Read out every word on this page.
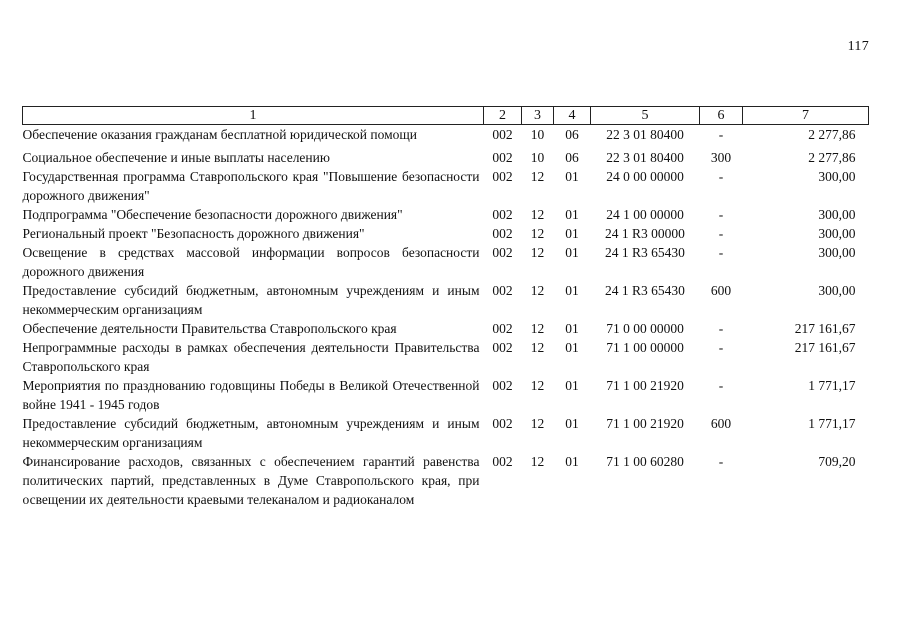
117
1	2	3	4	5	6	7
Обеспечение оказания гражданам бесплатной юридической помощи	002	10	06	22 3 01 80400	-	2 277,86
Социальное обеспечение и иные выплаты населению	002	10	06	22 3 01 80400	300	2 277,86
Государственная программа Ставропольского края "Повышение безопасности дорожного движения"	002	12	01	24 0 00 00000	-	300,00
Подпрограмма "Обеспечение безопасности дорожного движения"	002	12	01	24 1 00 00000	-	300,00
Региональный проект "Безопасность дорожного движения"	002	12	01	24 1 R3 00000	-	300,00
Освещение в средствах массовой информации вопросов безопасности дорожного движения	002	12	01	24 1 R3 65430	-	300,00
Предоставление субсидий бюджетным, автономным учреждениям и иным некоммерческим организациям	002	12	01	24 1 R3 65430	600	300,00
Обеспечение деятельности Правительства Ставропольского края	002	12	01	71 0 00 00000	-	217 161,67
Непрограммные расходы в рамках обеспечения деятельности Правительства Ставропольского края	002	12	01	71 1 00 00000	-	217 161,67
Мероприятия по празднованию годовщины Победы в Великой Отечественной войне 1941 - 1945 годов	002	12	01	71 1 00 21920	-	1 771,17
Предоставление субсидий бюджетным, автономным учреждениям и иным некоммерческим организациям	002	12	01	71 1 00 21920	600	1 771,17
Финансирование расходов, связанных с обеспечением гарантий равенства политических партий, представленных в Думе Ставропольского края, при освещении их деятельности краевыми телеканалом и радиоканалом	002	12	01	71 1 00 60280	-	709,20
